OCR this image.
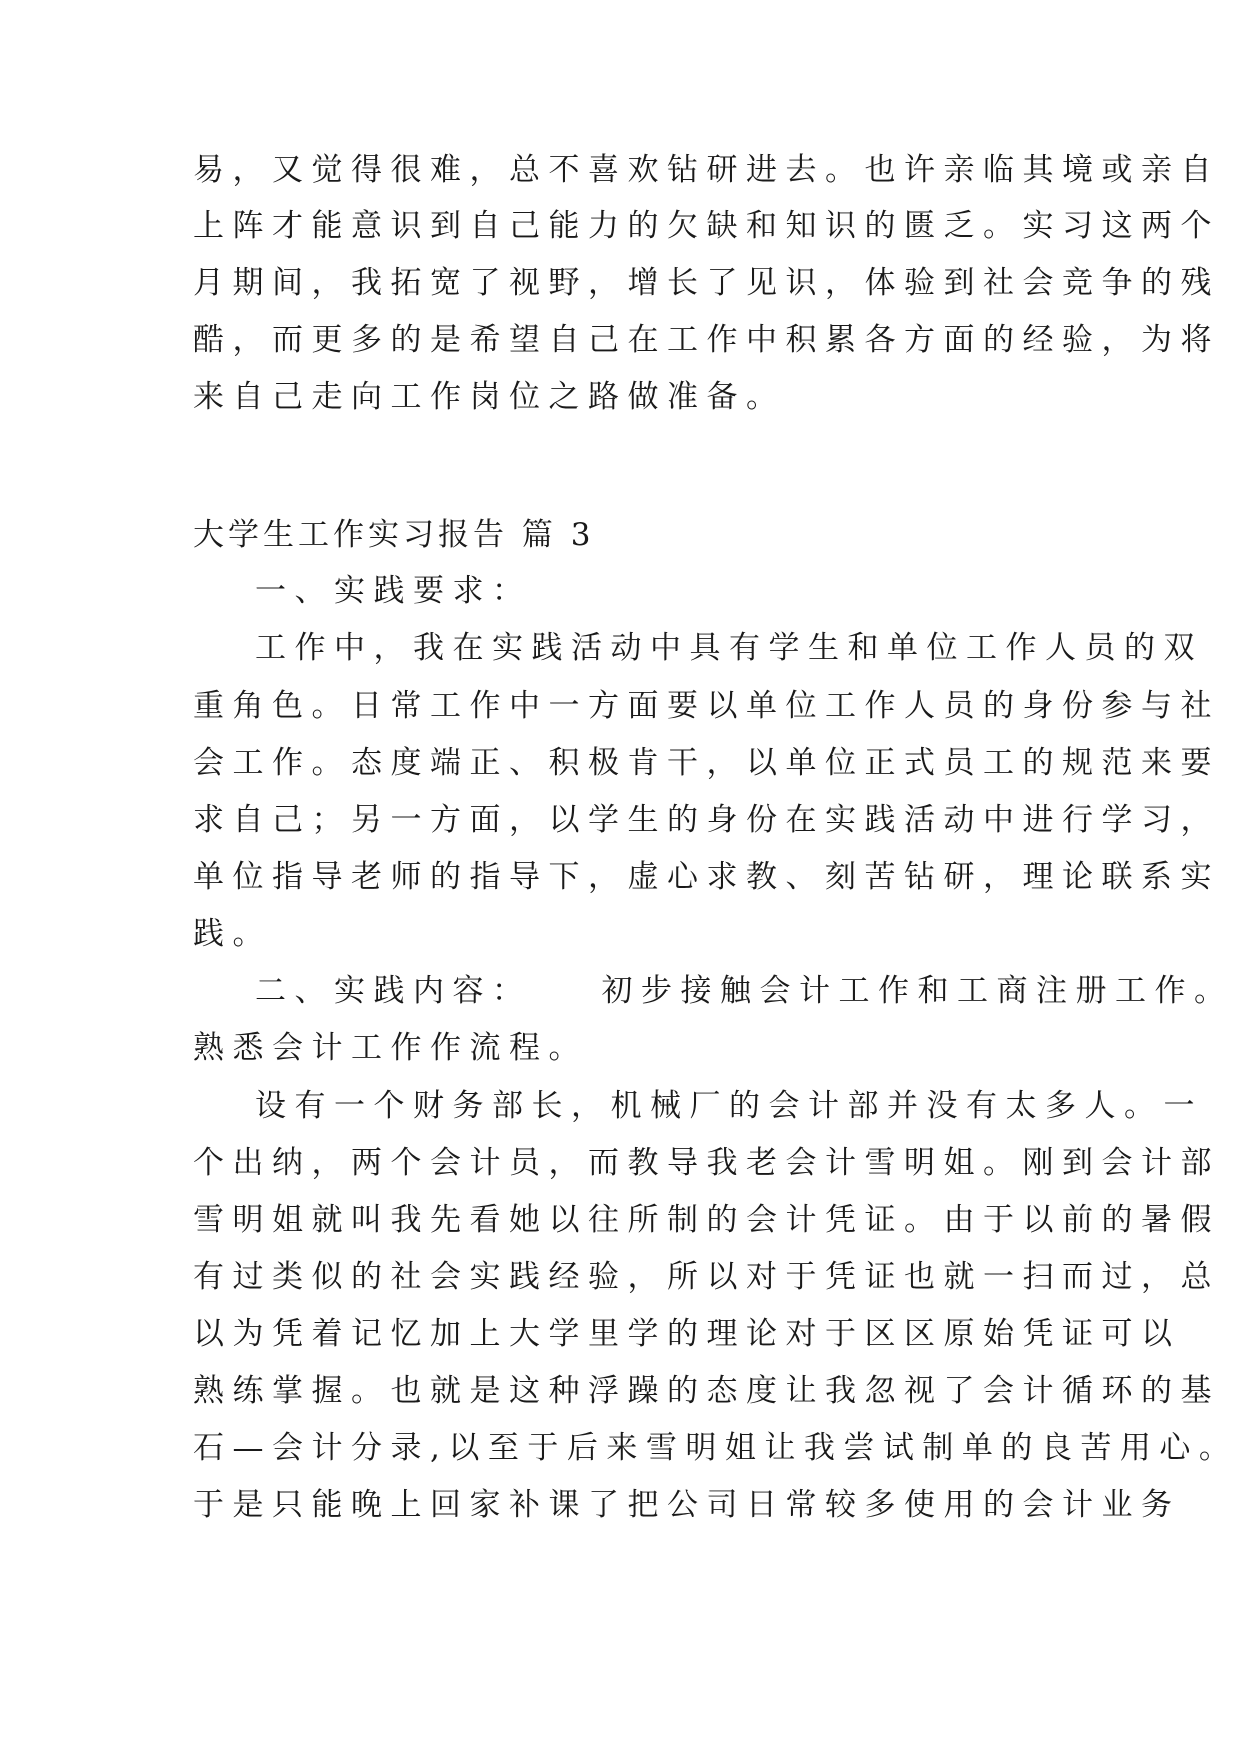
易，又觉得很难，总不喜欢钻研进去。也许亲临其境或亲自
上阵才能意识到自己能力的欠缺和知识的匮乏。实习这两个
月期间，我拓宽了视野，增长了见识，体验到社会竞争的残
酷，而更多的是希望自己在工作中积累各方面的经验，为将
来自己走向工作岗位之路做准备。
大学生工作实习报告 篇 3
一、实践要求：
工作中，我在实践活动中具有学生和单位工作人员的双
重角色。日常工作中一方面要以单位工作人员的身份参与社
会工作。态度端正、积极肯干，以单位正式员工的规范来要
求自己；另一方面，以学生的身份在实践活动中进行学习，
单位指导老师的指导下，虚心求教、刻苦钻研，理论联系实
践。
二、实践内容： 初步接触会计工作和工商注册工作。
熟悉会计工作作流程。
设有一个财务部长，机械厂的会计部并没有太多人。一
个出纳，两个会计员，而教导我老会计雪明姐。刚到会计部
雪明姐就叫我先看她以往所制的会计凭证。由于以前的暑假
有过类似的社会实践经验，所以对于凭证也就一扫而过，总
以为凭着记忆加上大学里学的理论对于区区原始凭证可以
熟练掌握。也就是这种浮躁的态度让我忽视了会计循环的基
石—会计分录,以至于后来雪明姐让我尝试制单的良苦用心。
于是只能晚上回家补课了把公司日常较多使用的会计业务
